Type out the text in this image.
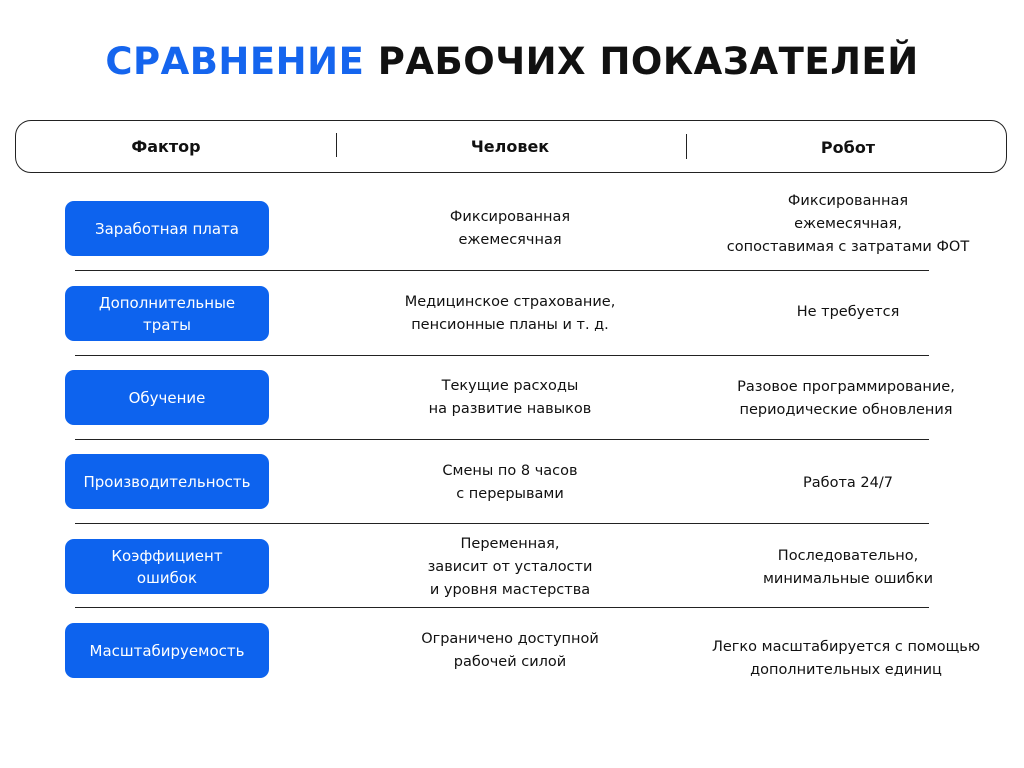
СРАВНЕНИЕ РАБОЧИХ ПОКАЗАТЕЛЕЙ
Фактор	Человек	Робот
Заработная плата
Фиксированная
ежемесячная
Фиксированная
ежемесячная,
сопоставимая с затратами ФОТ
Дополнительные
траты
Медицинское страхование,
пенсионные планы и т. д.
Не требуется
Обучение
Текущие расходы
на развитие навыков
Разовое программирование,
периодические обновления
Производительность
Смены по 8 часов
с перерывами
Работа 24/7
Коэффициент
ошибок
Переменная,
зависит от усталости
и уровня мастерства
Последовательно,
минимальные ошибки
Масштабируемость
Ограничено доступной
рабочей силой
Легко масштабируется с помощью
дополнительных единиц
